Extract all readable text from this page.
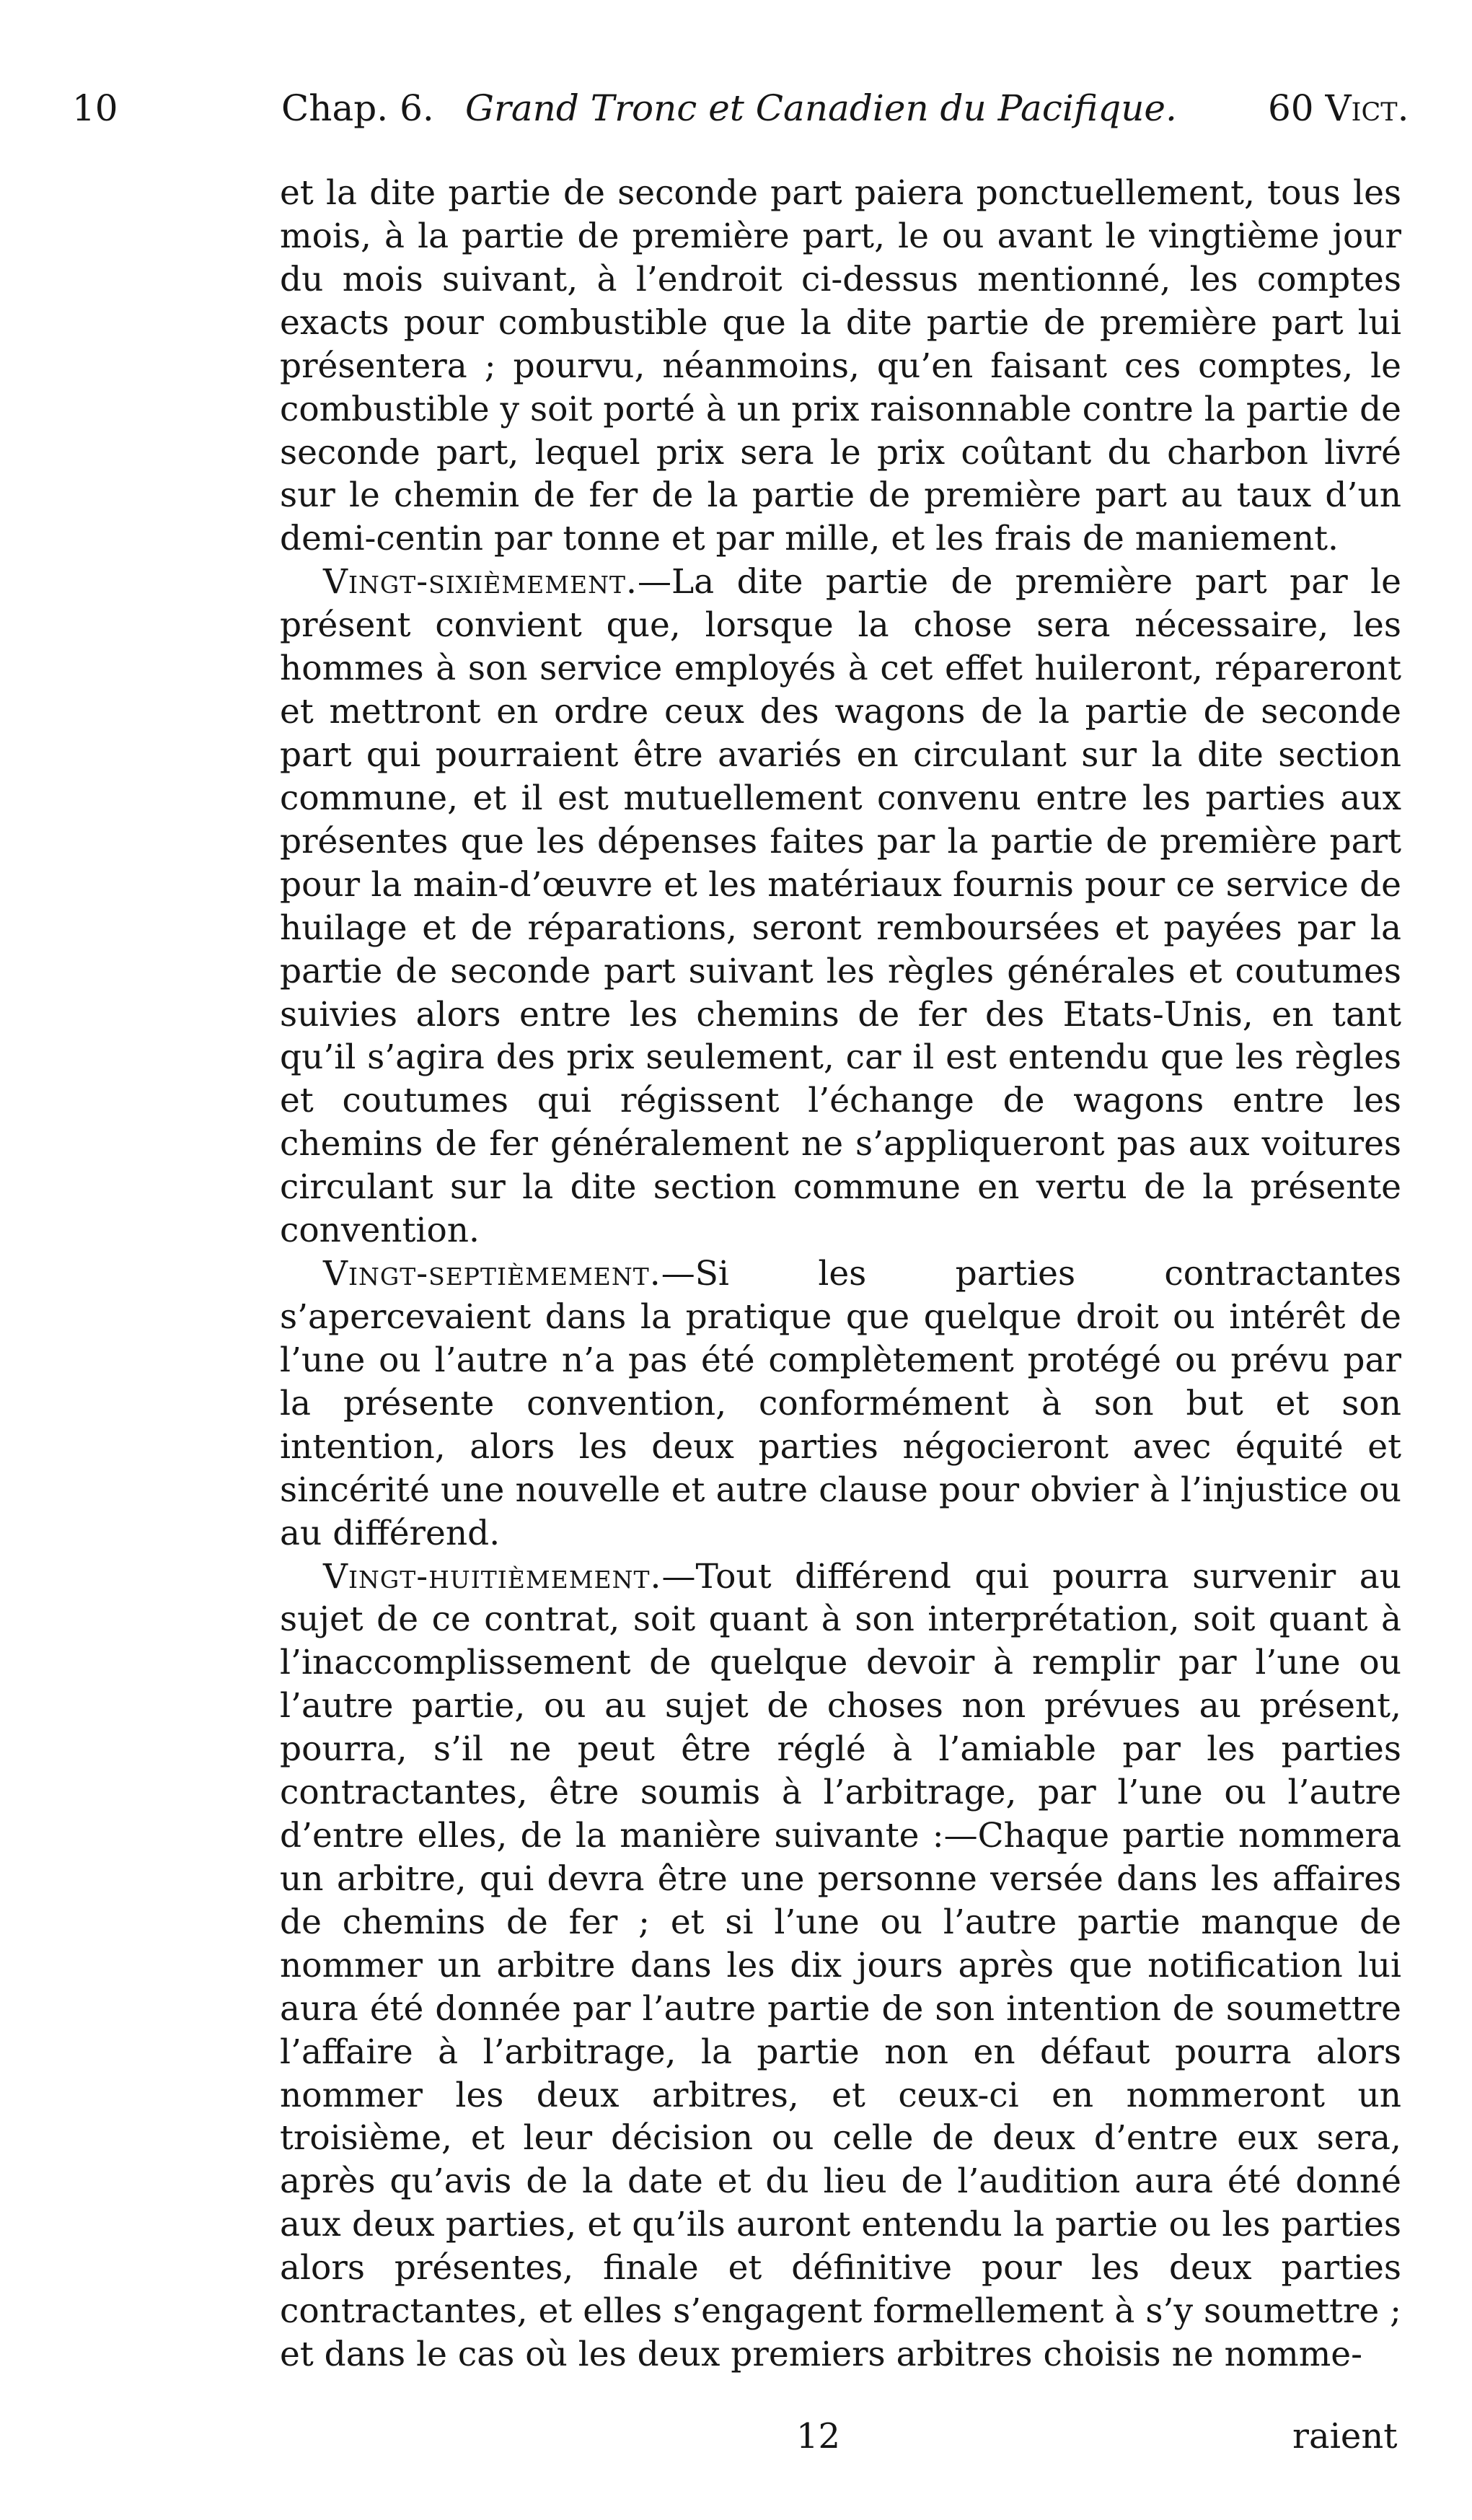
10	Chap. 6. Grand Tronc et Canadien du Pacifique.	60 Vict.

et la dite partie de seconde part paiera ponctuellement, tous les mois, à la partie de première part, le ou avant le vingtième jour du mois suivant, à l’endroit ci-dessus mentionné, les comptes exacts pour combustible que la dite partie de première part lui présentera ; pourvu, néanmoins, qu’en faisant ces comptes, le combustible y soit porté à un prix raisonnable contre la partie de seconde part, lequel prix sera le prix coûtant du charbon livré sur le chemin de fer de la partie de première part au taux d’un demi-centin par tonne et par mille, et les frais de maniement.

Vingt-sixièmement.—La dite partie de première part par le présent convient que, lorsque la chose sera nécessaire, les hommes à son service employés à cet effet huileront, répareront et mettront en ordre ceux des wagons de la partie de seconde part qui pourraient être avariés en circulant sur la dite section commune, et il est mutuellement convenu entre les parties aux présentes que les dépenses faites par la partie de première part pour la main-d’œuvre et les matériaux fournis pour ce service de huilage et de réparations, seront remboursées et payées par la partie de seconde part suivant les règles générales et coutumes suivies alors entre les chemins de fer des Etats-Unis, en tant qu’il s’agira des prix seulement, car il est entendu que les règles et coutumes qui régissent l’échange de wagons entre les chemins de fer généralement ne s’appliqueront pas aux voitures circulant sur la dite section commune en vertu de la présente convention.

Vingt-septièmement.—Si les parties contractantes s’apercevaient dans la pratique que quelque droit ou intérêt de l’une ou l’autre n’a pas été complètement protégé ou prévu par la présente convention, conformément à son but et son intention, alors les deux parties négocieront avec équité et sincérité une nouvelle et autre clause pour obvier à l’injustice ou au différend.

Vingt-huitièmement.—Tout différend qui pourra survenir au sujet de ce contrat, soit quant à son interprétation, soit quant à l’inaccomplissement de quelque devoir à remplir par l’une ou l’autre partie, ou au sujet de choses non prévues au présent, pourra, s’il ne peut être réglé à l’amiable par les parties contractantes, être soumis à l’arbitrage, par l’une ou l’autre d’entre elles, de la manière suivante :—Chaque partie nommera un arbitre, qui devra être une personne versée dans les affaires de chemins de fer ; et si l’une ou l’autre partie manque de nommer un arbitre dans les dix jours après que notification lui aura été donnée par l’autre partie de son intention de soumettre l’affaire à l’arbitrage, la partie non en défaut pourra alors nommer les deux arbitres, et ceux-ci en nommeront un troisième, et leur décision ou celle de deux d’entre eux sera, après qu’avis de la date et du lieu de l’audition aura été donné aux deux parties, et qu’ils auront entendu la partie ou les parties alors présentes, finale et définitive pour les deux parties contractantes, et elles s’engagent formellement à s’y soumettre ; et dans le cas où les deux premiers arbitres choisis ne nomme-

12	raient
